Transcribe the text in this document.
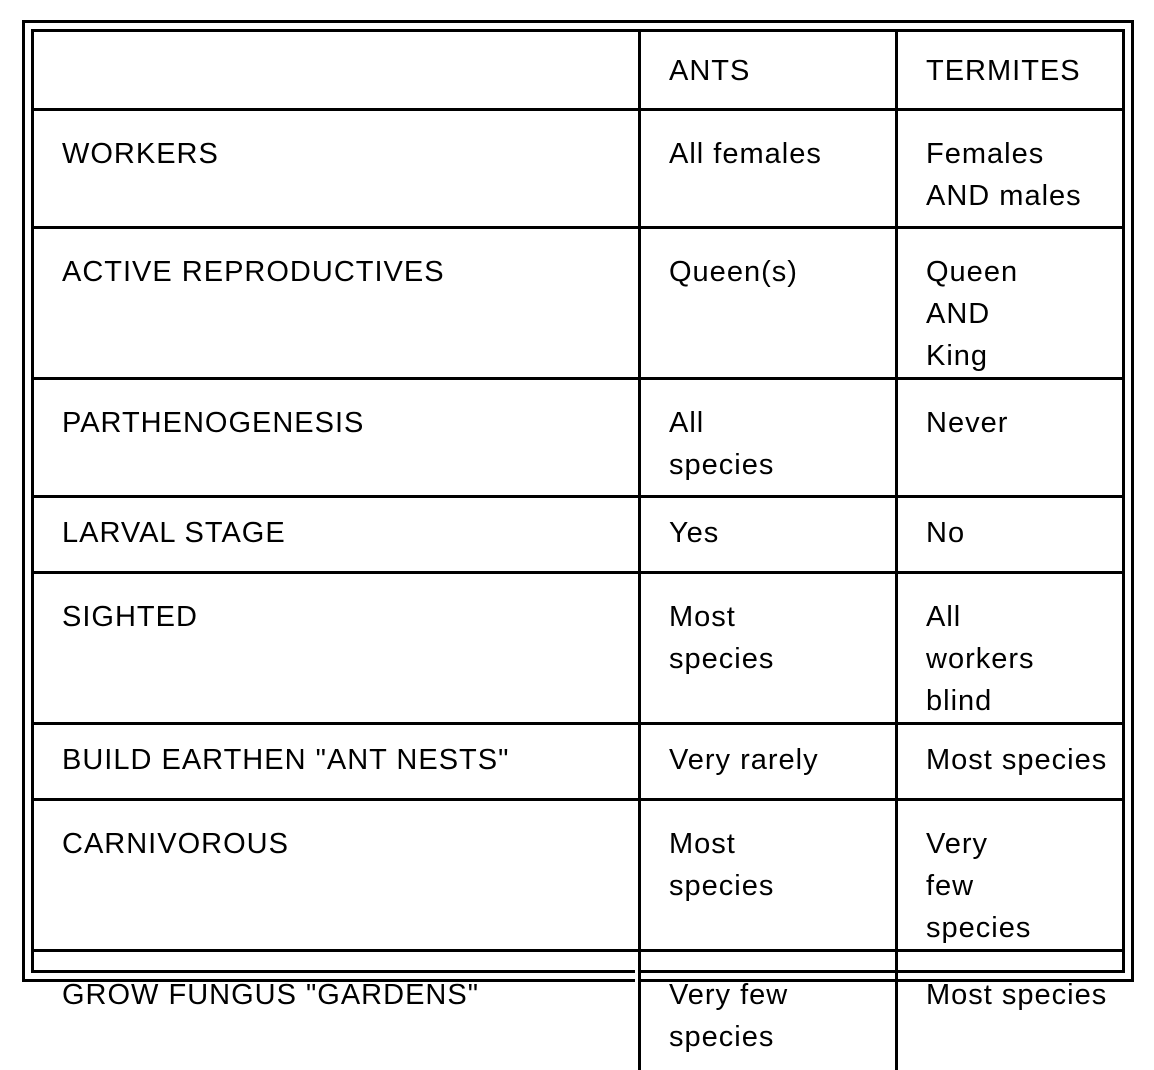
	ANTS	TERMITES
WORKERS	All females	Females AND males
ACTIVE REPRODUCTIVES	Queen(s)	Queen AND King
PARTHENOGENESIS	All species	Never
LARVAL STAGE	Yes	No
SIGHTED	Most species	All workers blind
BUILD EARTHEN "ANT NESTS"	Very rarely	Most species
CARNIVOROUS	Most species	Very few species
GROW FUNGUS "GARDENS"	Very few species	Most species
